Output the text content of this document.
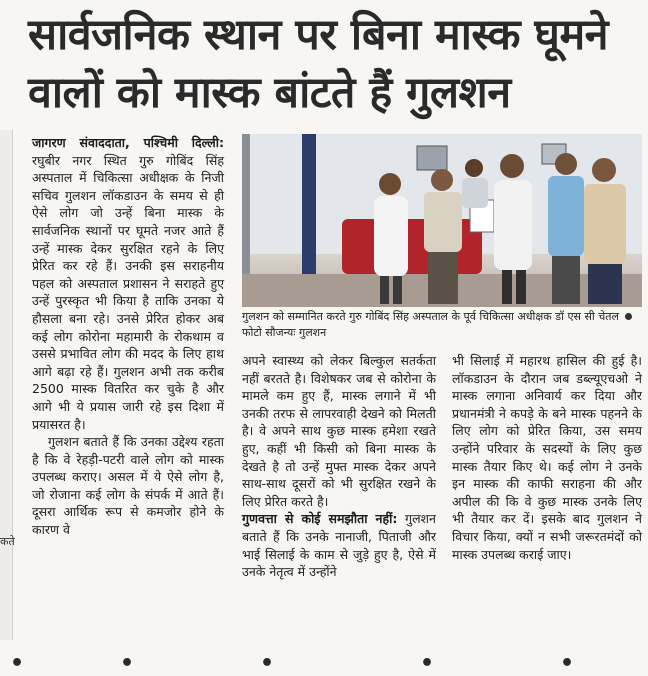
सार्वजनिक स्थान पर बिना मास्क घूमने
वालों को मास्क बांटते हैं गुलशन
कते

जागरण संवाददाता, पश्चिमी दिल्ली: रघुबीर नगर स्थित गुरु गोबिंद सिंह अस्पताल में चिकित्सा अधीक्षक के निजी सचिव गुलशन लॉकडाउन के समय से ही ऐसे लोग जो उन्हें बिना मास्क के सार्वजनिक स्थानों पर घूमते नजर आते हैं उन्हें मास्क देकर सुरक्षित रहने के लिए प्रेरित कर रहे हैं। उनकी इस सराहनीय पहल को अस्पताल प्रशासन ने सराहते हुए उन्हें पुरस्कृत भी किया है ताकि उनका ये हौसला बना रहे। उनसे प्रेरित होकर अब कई लोग कोरोना महामारी के रोकथाम व उससे प्रभावित लोग की मदद के लिए हाथ आगे बढ़ा रहे हैं। गुलशन अभी तक करीब 2500 मास्क वितरित कर चुके है और आगे भी ये प्रयास जारी रहे इस दिशा में प्रयासरत है।

गुलशन बताते हैं कि उनका उद्देश्य रहता है कि वे रेहड़ी-पटरी वाले लोग को मास्क उपलब्ध कराए। असल में ये ऐसे लोग है, जो रोजाना कई लोग के संपर्क में आते हैं। दूसरा आर्थिक रूप से कमजोर होने के कारण वे

गुलशन को सम्मानित करते गुरु गोबिंद सिंह अस्पताल के पूर्व चिकित्सा अधीक्षक डॉ एस सी चेतल  फोटो सौजन्यः गुलशन

अपने स्वास्थ्य को लेकर बिल्कुल सतर्कता नहीं बरतते है। विशेषकर जब से कोरोना के मामले कम हुए हैं, मास्क लगाने में भी उनकी तरफ से लापरवाही देखने को मिलती है। वे अपने साथ कुछ मास्क हमेशा रखते हुए, कहीं भी किसी को बिना मास्क के देखते है तो उन्हें मुफ्त मास्क देकर अपने साथ-साथ दूसरों को भी सुरक्षित रखने के लिए प्रेरित करते है।

गुणवत्ता से कोई समझौता नहीं: गुलशन बताते हैं कि उनके नानाजी, पिताजी और भाई सिलाई के काम से जुड़े हुए है, ऐसे में उनके नेतृत्व में उन्होंने

भी सिलाई में महारथ हासिल की हुई है। लॉकडाउन के दौरान जब डब्ल्यूएचओ ने मास्क लगाना अनिवार्य कर दिया और प्रधानमंत्री ने कपड़े के बने मास्क पहनने के लिए लोग को प्रेरित किया, उस समय उन्होंने परिवार के सदस्यों के लिए कुछ मास्क तैयार किए थे। कई लोग ने उनके इन मास्क की काफी सराहना की और अपील की कि वे कुछ मास्क उनके लिए भी तैयार कर दें। इसके बाद गुलशन ने विचार किया, क्यों न सभी जरूरतमंदों को मास्क उपलब्ध कराई जाए।

•	•	•	•	•
